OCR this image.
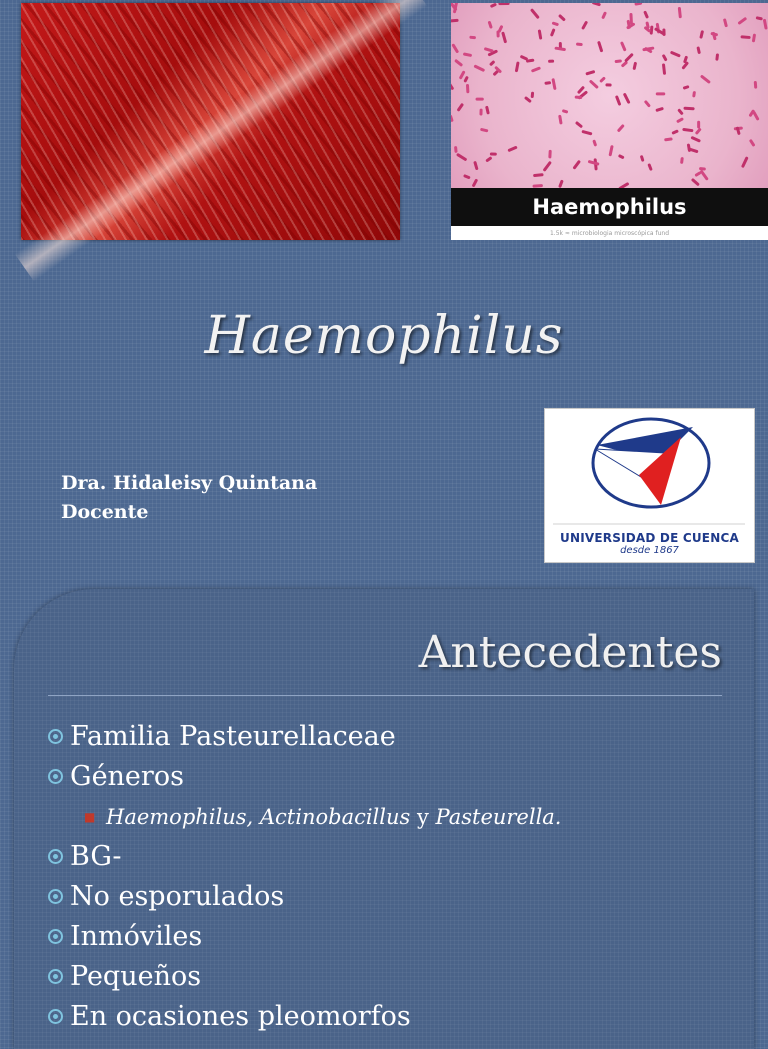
Haemophilus
1.5k ≈ microbiologia microscópica fund
Haemophilus
Dra. Hidaleisy Quintana
Docente
UNIVERSIDAD DE CUENCA
desde 1867
Antecedentes
Familia Pasteurellaceae
Géneros
■ Haemophilus, Actinobacillus y Pasteurella.
BG-
No esporulados
Inmóviles
Pequeños
En ocasiones pleomorfos
